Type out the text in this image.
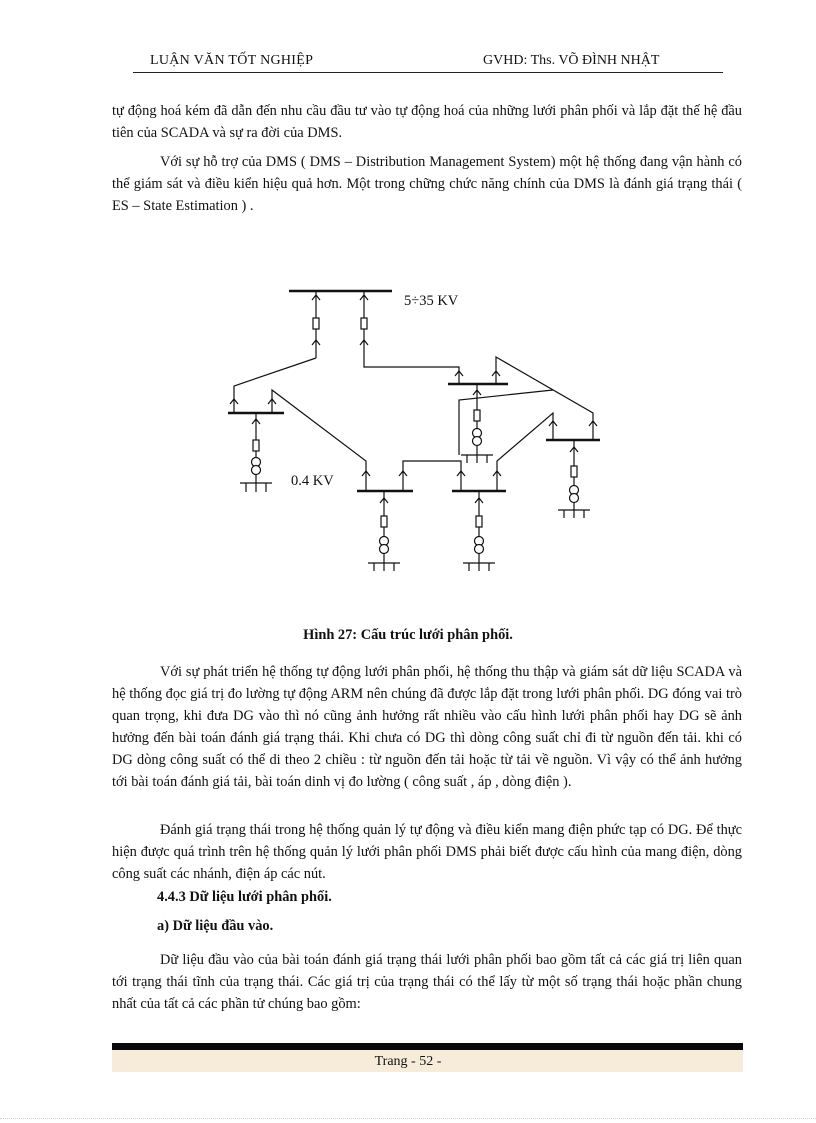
LUẬN VĂN TỐT NGHIỆP	GVHD: Ths. VÕ ĐÌNH NHẬT
tự động hoá kém đã dẫn đến nhu cầu đầu tư vào tự động hoá của những lưới phân phối và lắp đặt thế hệ đầu tiên của SCADA và sự ra đời của DMS.
Với sự hỗ trợ của DMS ( DMS – Distribution Management System) một hệ thống đang vận hành có thể giám sát và điều kiển hiệu quả hơn. Một trong chững chức năng chính của DMS là đánh giá trạng thái ( ES – State Estimation ) .
5÷35 KV
0.4 KV
Hình 27: Cấu trúc lưới phân phối.
Với sự phát triển hệ thống tự động lưới phân phối, hệ thống thu thập và giám sát dữ liệu SCADA và hệ thống đọc giá trị đo lường tự động ARM nên chúng đã được lắp đặt trong lưới phân phối. DG đóng vai trò quan trọng, khi đưa DG vào thì nó cũng ảnh hưởng rất nhiều vào cấu hình lưới phân phối hay DG sẽ ảnh hưởng đến bài toán đánh giá trạng thái. Khi chưa có DG thì dòng công suất chỉ đi từ nguồn đến tải. khi có DG dòng công suất có thể di theo 2 chiều : từ nguồn đến tải hoặc từ tải về nguồn. Vì vậy có thể ảnh hưởng tới bài toán đánh giá tải, bài toán dinh vị đo lường ( công suất , áp , dòng điện ).
Đánh giá trạng thái trong hệ thống quản lý tự động và điều kiển mang điện phức tạp có DG. Để thực hiện được quá trình trên hệ thống quản lý lưới phân phối DMS phải biết được cấu hình của mang điện, dòng công suất các nhánh, điện áp các nút.
4.4.3 Dữ liệu lưới phân phối.
a) Dữ liệu đầu vào.
Dữ liệu đầu vào của bài toán đánh giá trạng thái lưới phân phối bao gồm tất cả các giá trị liên quan tới trạng thái tĩnh của trạng thái. Các giá trị của trạng thái có thể lấy từ một số trạng thái hoặc phần chung nhất của tất cả các phần tử chúng bao gồm:
Trang - 52 -
